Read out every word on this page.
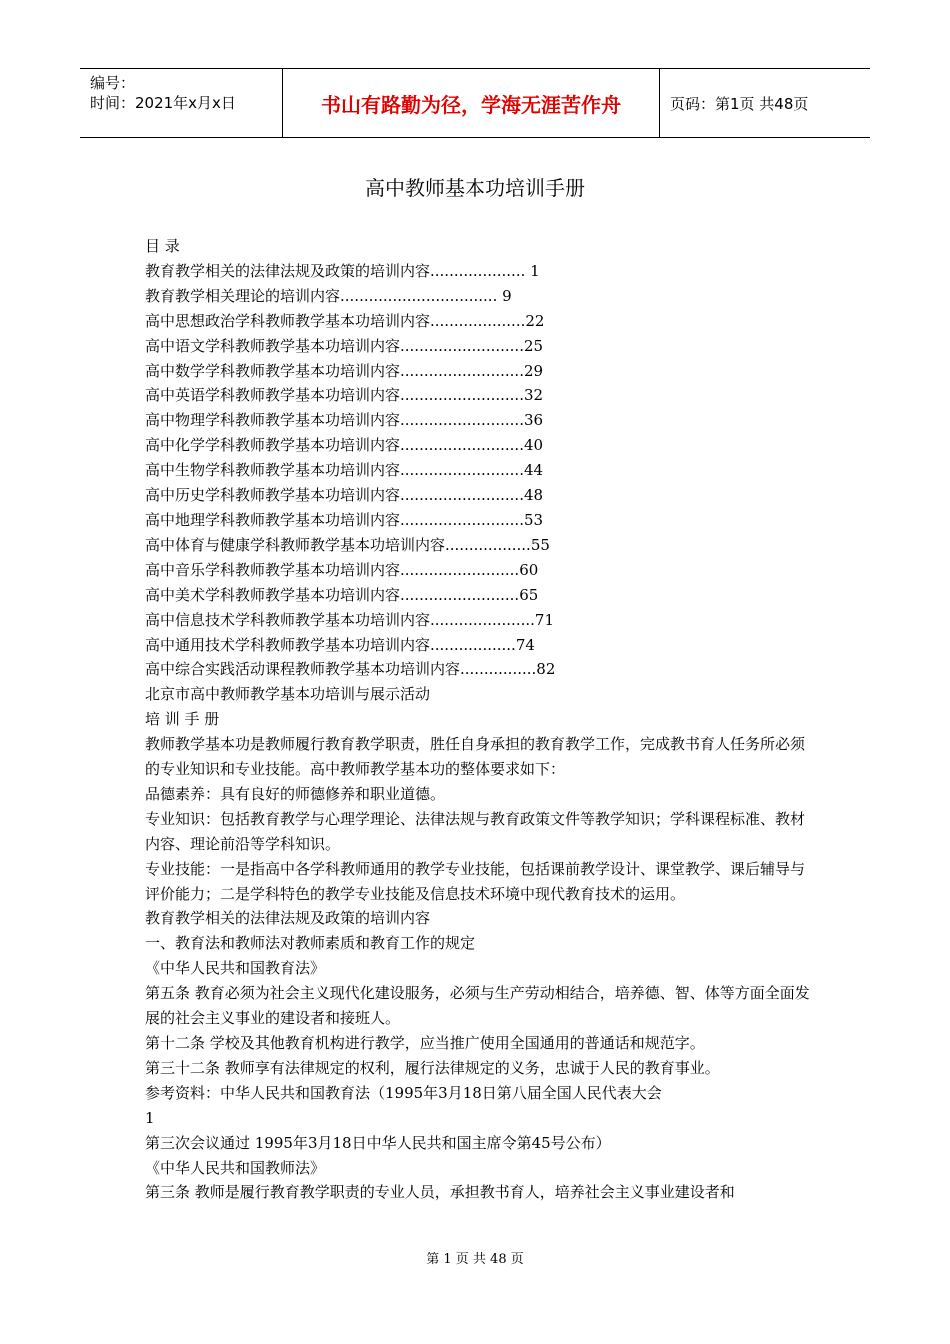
编号：
时间：2021年x月x日	书山有路勤为径，学海无涯苦作舟	页码：第1页 共48页
高中教师基本功培训手册

目 录

教育教学相关的法律法规及政策的培训内容.................... 1

教育教学相关理论的培训内容................................. 9

高中思想政治学科教师教学基本功培训内容....................22

高中语文学科教师教学基本功培训内容..........................25

高中数学学科教师教学基本功培训内容..........................29

高中英语学科教师教学基本功培训内容..........................32

高中物理学科教师教学基本功培训内容..........................36

高中化学学科教师教学基本功培训内容..........................40

高中生物学科教师教学基本功培训内容..........................44

高中历史学科教师教学基本功培训内容..........................48

高中地理学科教师教学基本功培训内容..........................53

高中体育与健康学科教师教学基本功培训内容..................55

高中音乐学科教师教学基本功培训内容.........................60

高中美术学科教师教学基本功培训内容.........................65

高中信息技术学科教师教学基本功培训内容......................71

高中通用技术学科教师教学基本功培训内容..................74

高中综合实践活动课程教师教学基本功培训内容................82

北京市高中教师教学基本功培训与展示活动

培 训 手 册

教师教学基本功是教师履行教育教学职责，胜任自身承担的教育教学工作，完成教书育人任务所必须的专业知识和专业技能。高中教师教学基本功的整体要求如下：

品德素养：具有良好的师德修养和职业道德。

专业知识：包括教育教学与心理学理论、法律法规与教育政策文件等教学知识；学科课程标准、教材内容、理论前沿等学科知识。

专业技能：一是指高中各学科教师通用的教学专业技能，包括课前教学设计、课堂教学、课后辅导与评价能力；二是学科特色的教学专业技能及信息技术环境中现代教育技术的运用。

教育教学相关的法律法规及政策的培训内容

一、教育法和教师法对教师素质和教育工作的规定

《中华人民共和国教育法》

第五条 教育必须为社会主义现代化建设服务，必须与生产劳动相结合，培养德、智、体等方面全面发展的社会主义事业的建设者和接班人。

第十二条 学校及其他教育机构进行教学，应当推广使用全国通用的普通话和规范字。

第三十二条 教师享有法律规定的权利，履行法律规定的义务，忠诚于人民的教育事业。

参考资料：中华人民共和国教育法（1995年3月18日第八届全国人民代表大会

1

第三次会议通过 1995年3月18日中华人民共和国主席令第45号公布）

《中华人民共和国教师法》

第三条 教师是履行教育教学职责的专业人员，承担教书育人，培养社会主义事业建设者和

第 1 页 共 48 页
